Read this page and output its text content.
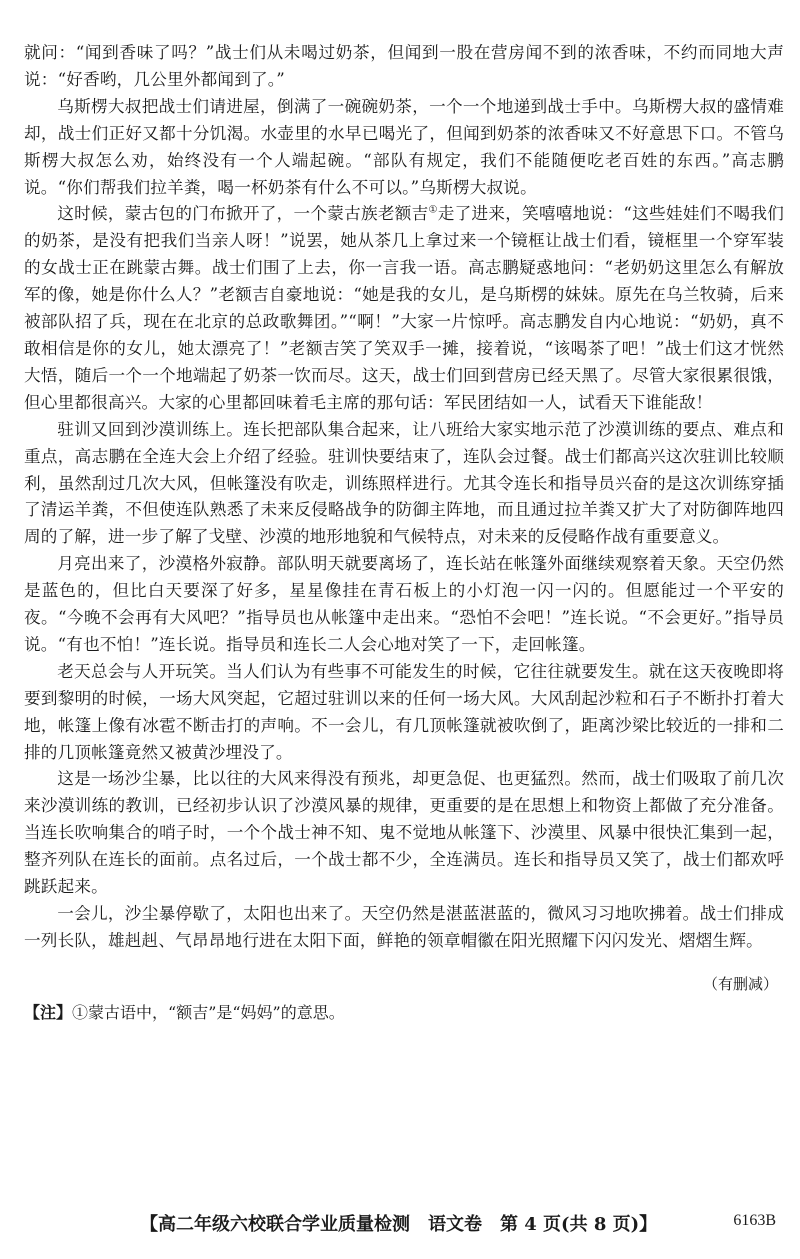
就问：“闻到香味了吗？”战士们从未喝过奶茶，但闻到一股在营房闻不到的浓香味，不约而同地大声说：“好香哟，几公里外都闻到了。”

乌斯楞大叔把战士们请进屋，倒满了一碗碗奶茶，一个一个地递到战士手中。乌斯楞大叔的盛情难却，战士们正好又都十分饥渴。水壶里的水早已喝光了，但闻到奶茶的浓香味又不好意思下口。不管乌斯楞大叔怎么劝，始终没有一个人端起碗。“部队有规定，我们不能随便吃老百姓的东西。”高志鹏说。“你们帮我们拉羊粪，喝一杯奶茶有什么不可以。”乌斯楞大叔说。

这时候，蒙古包的门布掀开了，一个蒙古族老额吉①走了进来，笑嘻嘻地说：“这些娃娃们不喝我们的奶茶，是没有把我们当亲人呀！”说罢，她从茶几上拿过来一个镜框让战士们看，镜框里一个穿军装的女战士正在跳蒙古舞。战士们围了上去，你一言我一语。高志鹏疑惑地问：“老奶奶这里怎么有解放军的像，她是你什么人？”老额吉自豪地说：“她是我的女儿，是乌斯楞的妹妹。原先在乌兰牧骑，后来被部队招了兵，现在在北京的总政歌舞团。”“啊！”大家一片惊呼。高志鹏发自内心地说：“奶奶，真不敢相信是你的女儿，她太漂亮了！”老额吉笑了笑双手一摊，接着说，“该喝茶了吧！”战士们这才恍然大悟，随后一个一个地端起了奶茶一饮而尽。这天，战士们回到营房已经天黑了。尽管大家很累很饿，但心里都很高兴。大家的心里都回味着毛主席的那句话：军民团结如一人，试看天下谁能敌！

驻训又回到沙漠训练上。连长把部队集合起来，让八班给大家实地示范了沙漠训练的要点、难点和重点，高志鹏在全连大会上介绍了经验。驻训快要结束了，连队会过餐。战士们都高兴这次驻训比较顺利，虽然刮过几次大风，但帐篷没有吹走，训练照样进行。尤其令连长和指导员兴奋的是这次训练穿插了清运羊粪，不但使连队熟悉了未来反侵略战争的防御主阵地，而且通过拉羊粪又扩大了对防御阵地四周的了解，进一步了解了戈壁、沙漠的地形地貌和气候特点，对未来的反侵略作战有重要意义。

月亮出来了，沙漠格外寂静。部队明天就要离场了，连长站在帐篷外面继续观察着天象。天空仍然是蓝色的，但比白天要深了好多，星星像挂在青石板上的小灯泡一闪一闪的。但愿能过一个平安的夜。“今晚不会再有大风吧？”指导员也从帐篷中走出来。“恐怕不会吧！”连长说。“不会更好。”指导员说。“有也不怕！”连长说。指导员和连长二人会心地对笑了一下，走回帐篷。

老天总会与人开玩笑。当人们认为有些事不可能发生的时候，它往往就要发生。就在这天夜晚即将要到黎明的时候，一场大风突起，它超过驻训以来的任何一场大风。大风刮起沙粒和石子不断扑打着大地，帐篷上像有冰雹不断击打的声响。不一会儿，有几顶帐篷就被吹倒了，距离沙梁比较近的一排和二排的几顶帐篷竟然又被黄沙埋没了。

这是一场沙尘暴，比以往的大风来得没有预兆，却更急促、也更猛烈。然而，战士们吸取了前几次来沙漠训练的教训，已经初步认识了沙漠风暴的规律，更重要的是在思想上和物资上都做了充分准备。当连长吹响集合的哨子时，一个个战士神不知、鬼不觉地从帐篷下、沙漠里、风暴中很快汇集到一起，整齐列队在连长的面前。点名过后，一个战士都不少，全连满员。连长和指导员又笑了，战士们都欢呼跳跃起来。

一会儿，沙尘暴停歇了，太阳也出来了。天空仍然是湛蓝湛蓝的，微风习习地吹拂着。战士们排成一列长队，雄赳赳、气昂昂地行进在太阳下面，鲜艳的领章帽徽在阳光照耀下闪闪发光、熠熠生辉。

（有删减）

【注】①蒙古语中，“额吉”是“妈妈”的意思。

【高二年级六校联合学业质量检测　语文卷　第 4 页(共 8 页)】	6163B
